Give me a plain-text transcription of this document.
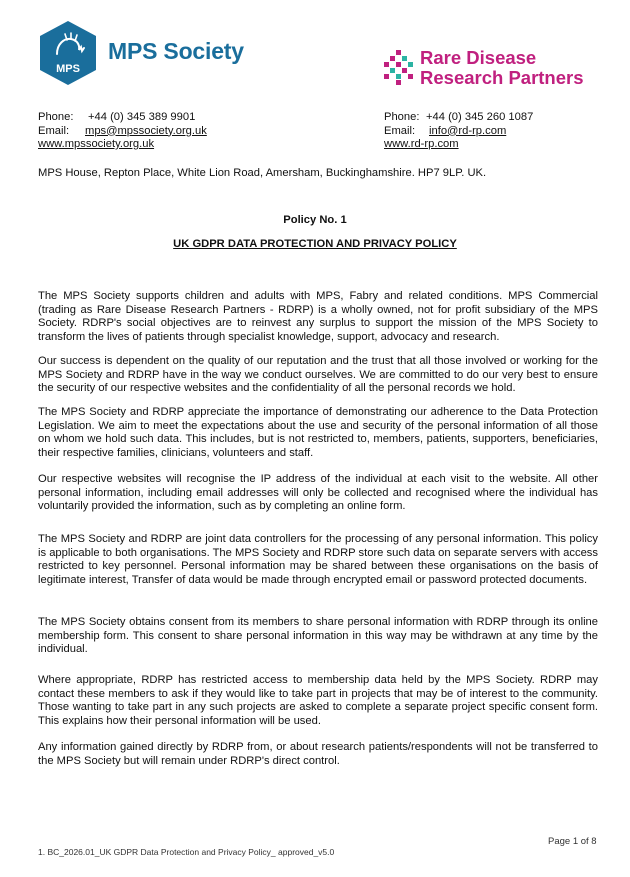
MPS
MPS Society	Rare Disease
Research Partners
Phone: +44 (0) 345 389 9901
Email: mps@mpssociety.org.uk
www.mpssociety.org.uk
Phone: +44 (0) 345 260 1087
Email: info@rd-rp.com
www.rd-rp.com
MPS House, Repton Place, White Lion Road, Amersham, Buckinghamshire. HP7 9LP. UK.
Policy No. 1
UK GDPR DATA PROTECTION AND PRIVACY POLICY
The MPS Society supports children and adults with MPS, Fabry and related conditions. MPS Commercial (trading as Rare Disease Research Partners - RDRP) is a wholly owned, not for profit subsidiary of the MPS Society. RDRP's social objectives are to reinvest any surplus to support the mission of the MPS Society to transform the lives of patients through specialist knowledge, support, advocacy and research.
Our success is dependent on the quality of our reputation and the trust that all those involved or working for the MPS Society and RDRP have in the way we conduct ourselves. We are committed to do our very best to ensure the security of our respective websites and the confidentiality of all the personal records we hold.
The MPS Society and RDRP appreciate the importance of demonstrating our adherence to the Data Protection Legislation. We aim to meet the expectations about the use and security of the personal information of all those on whom we hold such data. This includes, but is not restricted to, members, patients, supporters, beneficiaries, their respective families, clinicians, volunteers and staff.
Our respective websites will recognise the IP address of the individual at each visit to the website. All other personal information, including email addresses will only be collected and recognised where the individual has voluntarily provided the information, such as by completing an online form.
The MPS Society and RDRP are joint data controllers for the processing of any personal information. This policy is applicable to both organisations. The MPS Society and RDRP store such data on separate servers with access restricted to key personnel. Personal information may be shared between these organisations on the basis of legitimate interest, Transfer of data would be made through encrypted email or password protected documents.
The MPS Society obtains consent from its members to share personal information with RDRP through its online membership form. This consent to share personal information in this way may be withdrawn at any time by the individual.
Where appropriate, RDRP has restricted access to membership data held by the MPS Society. RDRP may contact these members to ask if they would like to take part in projects that may be of interest to the community. Those wanting to take part in any such projects are asked to complete a separate project specific consent form. This explains how their personal information will be used.
Any information gained directly by RDRP from, or about research patients/respondents will not be transferred to the MPS Society but will remain under RDRP's direct control.
Page 1 of 8
1. BC_2026.01_UK GDPR Data Protection and Privacy Policy_ approved_v5.0
